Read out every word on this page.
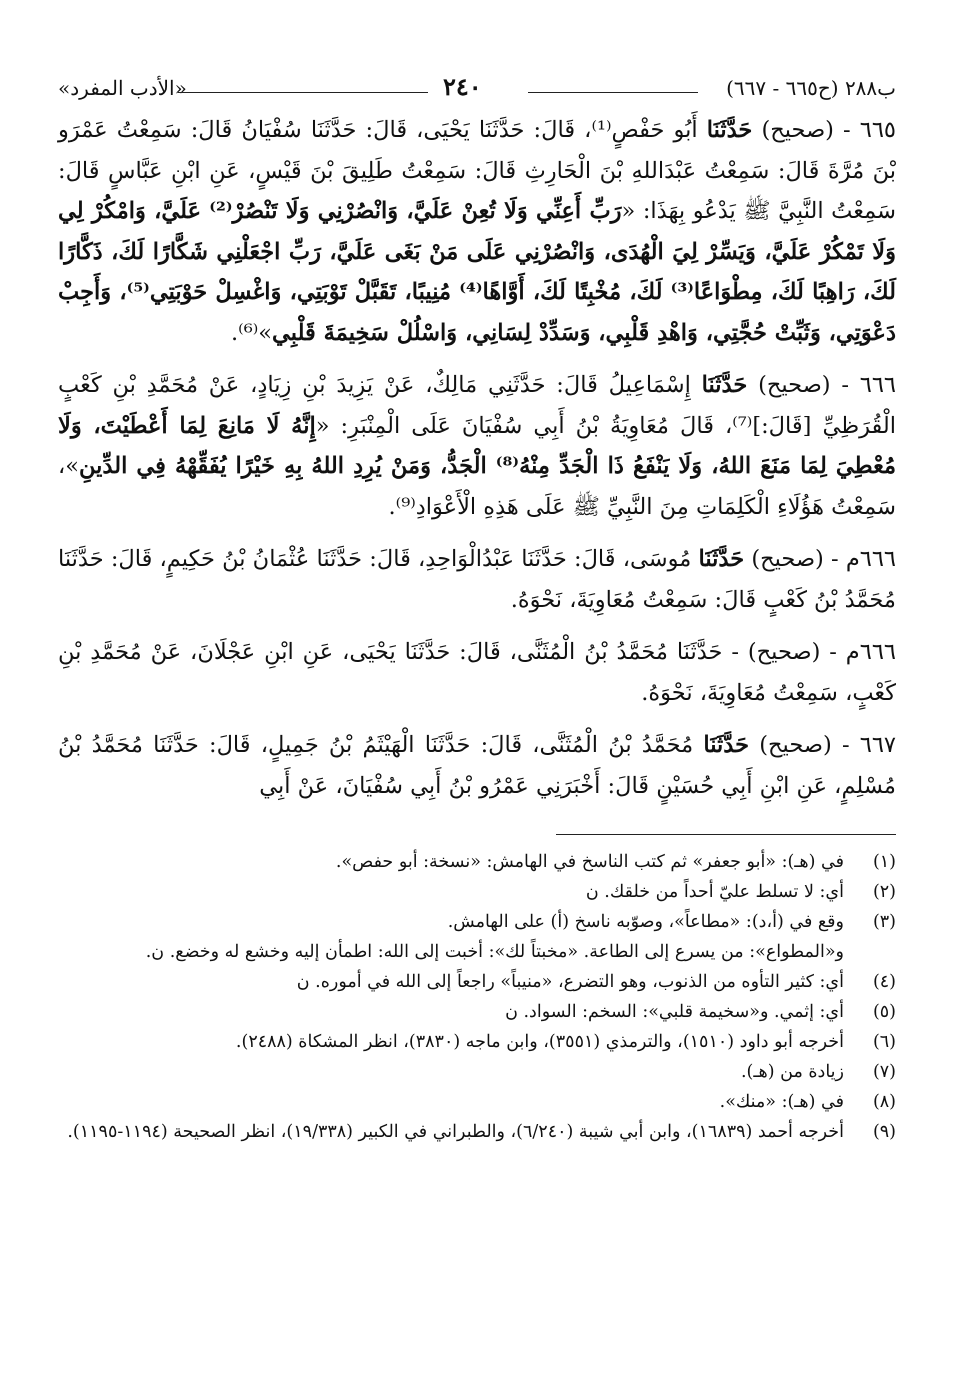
«الأدب المفرد»	٢٤٠	ب٢٨٨ (ح٦٦٥ - ٦٦٧)

٦٦٥ - (صحيح) حَدَّثَنَا أَبُو حَفْصٍ⁽¹⁾، قَالَ: حَدَّثَنَا يَحْيَى، قَالَ: حَدَّثَنَا سُفْيَانُ قَالَ: سَمِعْتُ عَمْرَو بْنَ مُرَّةَ قَالَ: سَمِعْتُ عَبْدَاللهِ بْنَ الْحَارِثِ قَالَ: سَمِعْتُ طَلِيقَ بْنَ قَيْسٍ، عَنِ ابْنِ عَبَّاسٍ قَالَ: سَمِعْتُ النَّبِيَّ ﷺ يَدْعُو بِهَذَا: «رَبِّ أَعِنِّي وَلَا تُعِنْ عَلَيَّ، وَانْصُرْنِي وَلَا تَنْصُرْ⁽²⁾ عَلَيَّ، وَامْكُرْ لِي وَلَا تَمْكُرْ عَلَيَّ، وَيَسِّرْ لِيَ الْهُدَى، وَانْصُرْنِي عَلَى مَنْ بَغَى عَلَيَّ، رَبِّ اجْعَلْنِي شَكَّارًا لَكَ، ذَكَّارًا لَكَ، رَاهِبًا لَكَ، مِطْوَاعًا⁽³⁾ لَكَ، مُخْبِتًا لَكَ، أَوَّاهًا⁽⁴⁾ مُنِيبًا، تَقَبَّلْ تَوْبَتِي، وَاغْسِلْ حَوْبَتِي⁽⁵⁾، وَأَجِبْ دَعْوَتِي، وَثَبِّتْ حُجَّتِي، وَاهْدِ قَلْبِي، وَسَدِّدْ لِسَانِي، وَاسْلُلْ سَخِيمَةَ قَلْبِي»⁽⁶⁾.

٦٦٦ - (صحيح) حَدَّثَنَا إِسْمَاعِيلُ قَالَ: حَدَّثَنِي مَالِكٌ، عَنْ يَزِيدَ بْنِ زِيَادٍ، عَنْ مُحَمَّدِ بْنِ كَعْبٍ الْقُرَظِيِّ [قَالَ:]⁽⁷⁾، قَالَ مُعَاوِيَةُ بْنُ أَبِي سُفْيَانَ عَلَى الْمِنْبَرِ: «إِنَّهُ لَا مَانِعَ لِمَا أَعْطَيْتَ، وَلَا مُعْطِيَ لِمَا مَنَعَ اللهُ، وَلَا يَنْفَعُ ذَا الْجَدِّ مِنْهُ⁽⁸⁾ الْجَدُّ، وَمَنْ يُرِدِ اللهُ بِهِ خَيْرًا يُفَقِّهْهُ فِي الدِّينِ»، سَمِعْتُ هَؤُلَاءِ الْكَلِمَاتِ مِنَ النَّبِيِّ ﷺ عَلَى هَذِهِ الْأَعْوَادِ⁽⁹⁾.

٦٦٦م - (صحيح) حَدَّثَنَا مُوسَى، قَالَ: حَدَّثَنَا عَبْدُالْوَاحِدِ، قَالَ: حَدَّثَنَا عُثْمَانُ بْنُ حَكِيمٍ، قَالَ: حَدَّثَنَا مُحَمَّدُ بْنُ كَعْبٍ قَالَ: سَمِعْتُ مُعَاوِيَةَ، نَحْوَهُ.

٦٦٦م - (صحيح) - حَدَّثَنَا مُحَمَّدُ بْنُ الْمُثَنَّى، قَالَ: حَدَّثَنَا يَحْيَى، عَنِ ابْنِ عَجْلَانَ، عَنْ مُحَمَّدِ بْنِ كَعْبٍ، سَمِعْتُ مُعَاوِيَةَ، نَحْوَهُ.

٦٦٧ - (صحيح) حَدَّثَنَا مُحَمَّدُ بْنُ الْمُثَنَّى، قَالَ: حَدَّثَنَا الْهَيْثَمُ بْنُ جَمِيلٍ، قَالَ: حَدَّثَنَا مُحَمَّدُ بْنُ مُسْلِمٍ، عَنِ ابْنِ أَبِي حُسَيْنٍ قَالَ: أَخْبَرَنِي عَمْرُو بْنُ أَبِي سُفْيَانَ، عَنْ أَبِي

(١)
في (هـ): «أبو جعفر» ثم كتب الناسخ في الهامش: «نسخة: أبو حفص».
(٢)
أي: لا تسلط عليّ أحداً من خلقك. ن
(٣)
وقع في (أ،د): «مطاعاً»، وصوّبه ناسخ (أ) على الهامش.
و«المطواع»: من يسرع إلى الطاعة. «مخبتاً لك»: أخبت إلى الله: اطمأن إليه وخشع له وخضع. ن.
(٤)
أي: كثير التأوه من الذنوب، وهو التضرع، «منيباً» راجعاً إلى الله في أموره. ن
(٥)
أي: إثمي. و«سخيمة قلبي»: السخم: السواد. ن
(٦)
أخرجه أبو داود (١٥١٠)، والترمذي (٣٥٥١)، وابن ماجه (٣٨٣٠)، انظر المشكاة (٢٤٨٨).
(٧)
زيادة من (هـ).
(٨)
في (هـ): «منك».
(٩)
أخرجه أحمد (١٦٨٣٩)، وابن أبي شيبة (٦/٢٤٠)، والطبراني في الكبير (١٩/٣٣٨)، انظر الصحيحة (١١٩٤-١١٩٥).
